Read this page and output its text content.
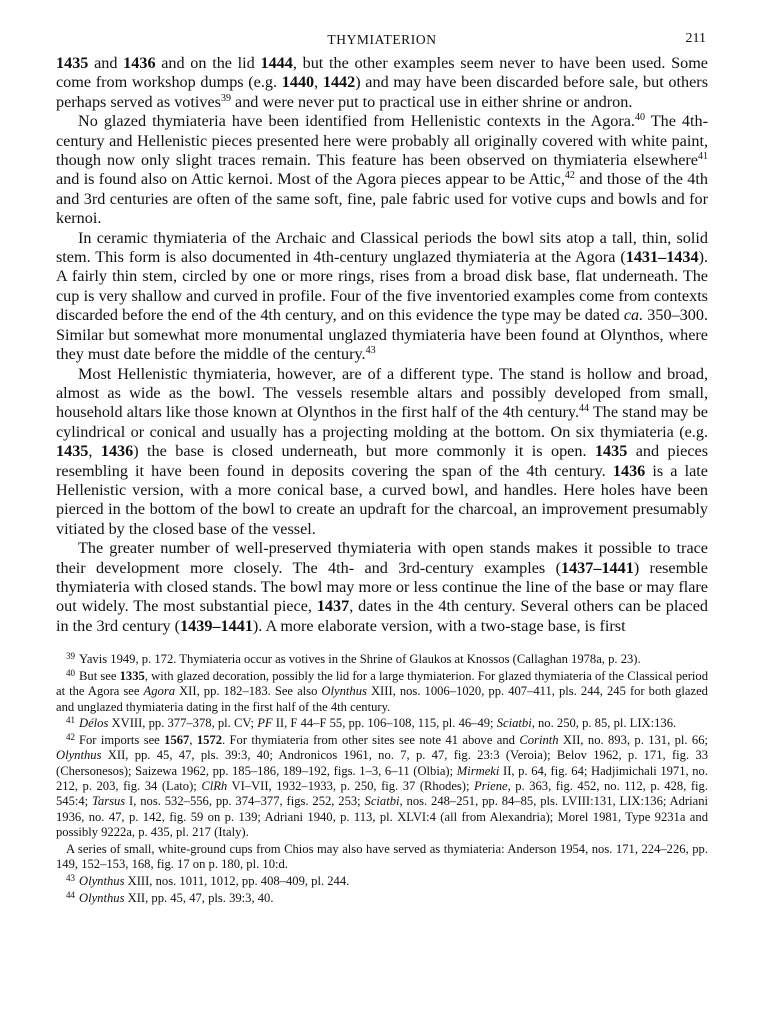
THYMIATERION	211

1435 and 1436 and on the lid 1444, but the other examples seem never to have been used. Some come from workshop dumps (e.g. 1440, 1442) and may have been discarded before sale, but others perhaps served as votives$^{39}$ and were never put to practical use in either shrine or andron.

No glazed thymiateria have been identified from Hellenistic contexts in the Agora.$^{40}$ The 4th-century and Hellenistic pieces presented here were probably all originally covered with white paint, though now only slight traces remain. This feature has been observed on thymiateria elsewhere$^{41}$ and is found also on Attic kernoi. Most of the Agora pieces appear to be Attic,$^{42}$ and those of the 4th and 3rd centuries are often of the same soft, fine, pale fabric used for votive cups and bowls and for kernoi.

In ceramic thymiateria of the Archaic and Classical periods the bowl sits atop a tall, thin, solid stem. This form is also documented in 4th-century unglazed thymiateria at the Agora (1431–1434). A fairly thin stem, circled by one or more rings, rises from a broad disk base, flat underneath. The cup is very shallow and curved in profile. Four of the five inventoried examples come from contexts discarded before the end of the 4th century, and on this evidence the type may be dated ca. 350–300. Similar but somewhat more monumental unglazed thymiateria have been found at Olynthos, where they must date before the middle of the century.$^{43}$

Most Hellenistic thymiateria, however, are of a different type. The stand is hollow and broad, almost as wide as the bowl. The vessels resemble altars and possibly developed from small, household altars like those known at Olynthos in the first half of the 4th century.$^{44}$ The stand may be cylindrical or conical and usually has a projecting molding at the bottom. On six thymiateria (e.g. 1435, 1436) the base is closed underneath, but more commonly it is open. 1435 and pieces resembling it have been found in deposits covering the span of the 4th century. 1436 is a late Hellenistic version, with a more conical base, a curved bowl, and handles. Here holes have been pierced in the bottom of the bowl to create an updraft for the charcoal, an improvement presumably vitiated by the closed base of the vessel.

The greater number of well-preserved thymiateria with open stands makes it possible to trace their development more closely. The 4th- and 3rd-century examples (1437–1441) resemble thymiateria with closed stands. The bowl may more or less continue the line of the base or may flare out widely. The most substantial piece, 1437, dates in the 4th century. Several others can be placed in the 3rd century (1439–1441). A more elaborate version, with a two-stage base, is first

$^{39}$ Yavis 1949, p. 172. Thymiateria occur as votives in the Shrine of Glaukos at Knossos (Callaghan 1978a, p. 23).

$^{40}$ But see 1335, with glazed decoration, possibly the lid for a large thymiaterion. For glazed thymiateria of the Classical period at the Agora see Agora XII, pp. 182–183. See also Olynthus XIII, nos. 1006–1020, pp. 407–411, pls. 244, 245 for both glazed and unglazed thymiateria dating in the first half of the 4th century.

$^{41}$ Délos XVIII, pp. 377–378, pl. CV; PF II, F 44–F 55, pp. 106–108, 115, pl. 46–49; Sciatbi, no. 250, p. 85, pl. LIX:136.

$^{42}$ For imports see 1567, 1572. For thymiateria from other sites see note 41 above and Corinth XII, no. 893, p. 131, pl. 66; Olynthus XII, pp. 45, 47, pls. 39:3, 40; Andronicos 1961, no. 7, p. 47, fig. 23:3 (Veroia); Belov 1962, p. 171, fig. 33 (Chersonesos); Saizewa 1962, pp. 185–186, 189–192, figs. 1–3, 6–11 (Olbia); Mirmeki II, p. 64, fig. 64; Hadjimichali 1971, no. 212, p. 203, fig. 34 (Lato); ClRh VI–VII, 1932–1933, p. 250, fig. 37 (Rhodes); Priene, p. 363, fig. 452, no. 112, p. 428, fig. 545:4; Tarsus I, nos. 532–556, pp. 374–377, figs. 252, 253; Sciatbi, nos. 248–251, pp. 84–85, pls. LVIII:131, LIX:136; Adriani 1936, no. 47, p. 142, fig. 59 on p. 139; Adriani 1940, p. 113, pl. XLVI:4 (all from Alexandria); Morel 1981, Type 9231a and possibly 9222a, p. 435, pl. 217 (Italy).

A series of small, white-ground cups from Chios may also have served as thymiateria: Anderson 1954, nos. 171, 224–226, pp. 149, 152–153, 168, fig. 17 on p. 180, pl. 10:d.

$^{43}$ Olynthus XIII, nos. 1011, 1012, pp. 408–409, pl. 244.

$^{44}$ Olynthus XII, pp. 45, 47, pls. 39:3, 40.
